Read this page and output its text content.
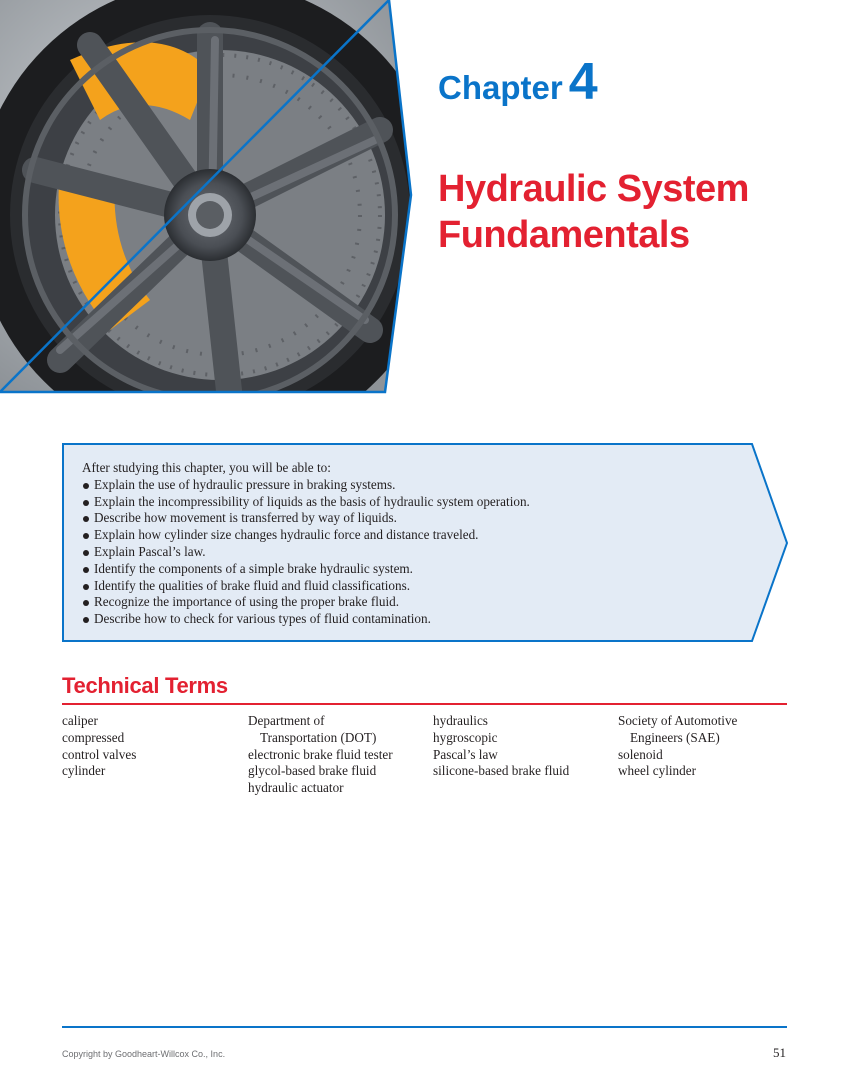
Chapter 4
Hydraulic System
Fundamentals

After studying this chapter, you will be able to:

Explain the use of hydraulic pressure in braking systems.
Explain the incompressibility of liquids as the basis of hydraulic system operation.
Describe how movement is transferred by way of liquids.
Explain how cylinder size changes hydraulic force and distance traveled.
Explain Pascal’s law.
Identify the components of a simple brake hydraulic system.
Identify the qualities of brake fluid and fluid classifications.
Recognize the importance of using the proper brake fluid.
Describe how to check for various types of fluid contamination.
Technical Terms
caliper
compressed
control valves
cylinder
Department of
Transportation (DOT)
electronic brake fluid tester
glycol-based brake fluid
hydraulic actuator
hydraulics
hygroscopic
Pascal’s law
silicone-based brake fluid
Society of Automotive
Engineers (SAE)
solenoid
wheel cylinder
Copyright by Goodheart-Willcox Co., Inc.	51
